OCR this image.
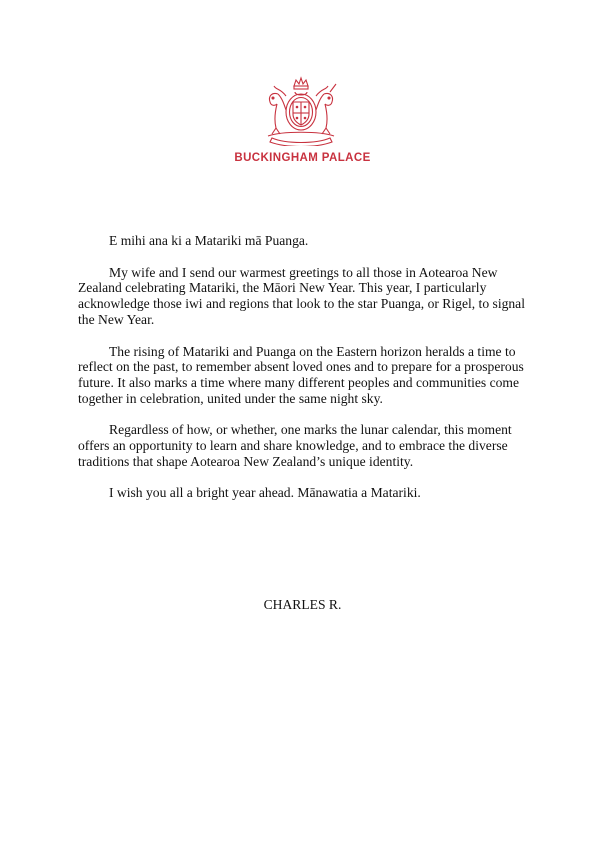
BUCKINGHAM PALACE

E mihi ana ki a Matariki mā Puanga.

My wife and I send our warmest greetings to all those in Aotearoa New Zealand celebrating Matariki, the Māori New Year. This year, I particularly acknowledge those iwi and regions that look to the star Puanga, or Rigel, to signal the New Year.

The rising of Matariki and Puanga on the Eastern horizon heralds a time to reflect on the past, to remember absent loved ones and to prepare for a prosperous future. It also marks a time where many different peoples and communities come together in celebration, united under the same night sky.

Regardless of how, or whether, one marks the lunar calendar, this moment offers an opportunity to learn and share knowledge, and to embrace the diverse traditions that shape Aotearoa New Zealand’s unique identity.

I wish you all a bright year ahead. Mānawatia a Matariki.

CHARLES R.
